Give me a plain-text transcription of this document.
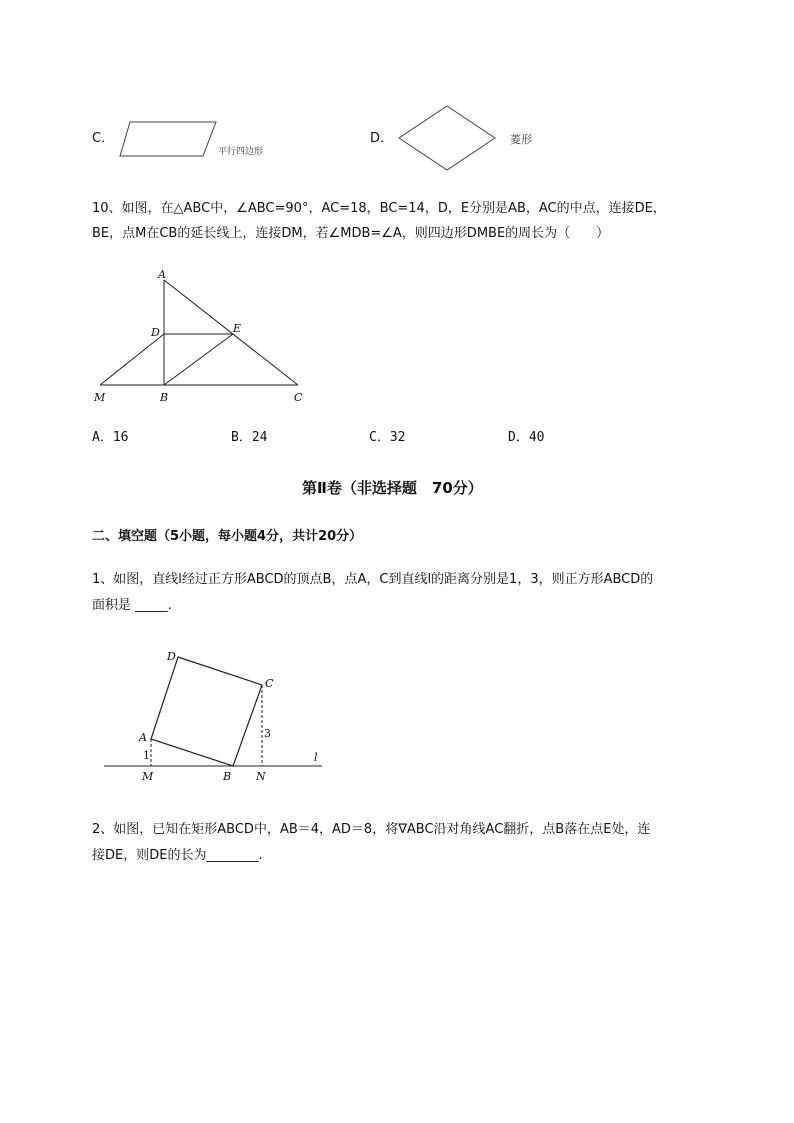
C．
平行四边形
D．	菱形
10、如图，在△ABC中，∠ABC=90°，AC=18，BC=14，D，E分别是AB，AC的中点，连接DE，
BE，点M在CB的延长线上，连接DM，若∠MDB=∠A，则四边形DMBE的周长为（　　）
A
D	E
M	B	C
A．16	B．24	C．32	D．40
第Ⅱ卷（非选择题　70分）
二、填空题（5小题，每小题4分，共计20分）
1、如图，直线l经过正方形ABCD的顶点B，点A，C到直线l的距离分别是1，3，则正方形ABCD的
面积是 _____.
D
C
A
1
3
l
M	B N
2、如图，已知在矩形ABCD中，AB＝4，AD＝8，将∇ABC沿对角线AC翻折，点B落在点E处，连
接DE，则DE的长为________.
